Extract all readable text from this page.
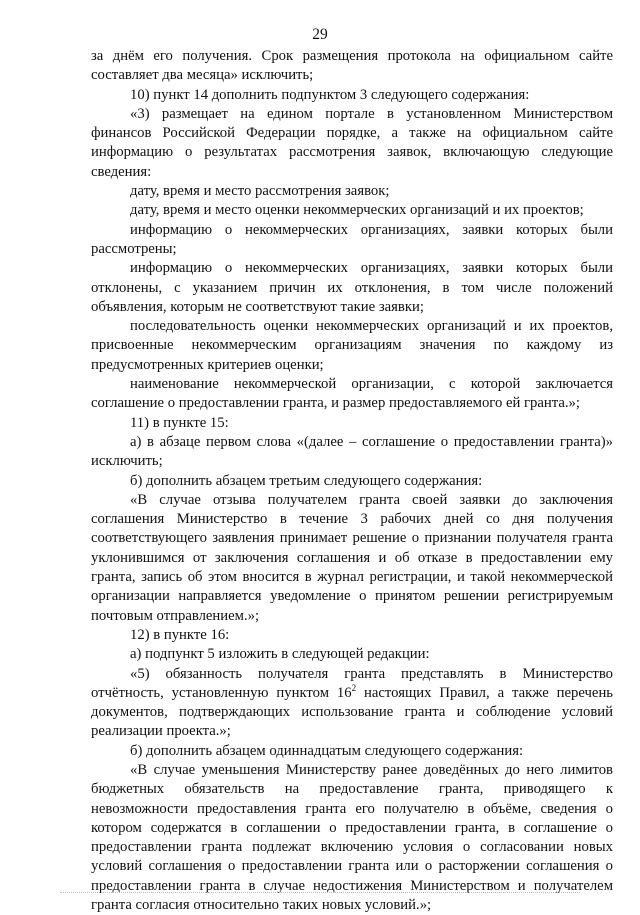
29

за днём его получения. Срок размещения протокола на официальном сайте составляет два месяца» исключить;

10) пункт 14 дополнить подпунктом 3 следующего содержания:

«3) размещает на едином портале в установленном Министерством финансов Российской Федерации порядке, а также на официальном сайте информацию о результатах рассмотрения заявок, включающую следующие сведения:

дату, время и место рассмотрения заявок;

дату, время и место оценки некоммерческих организаций и их проектов;

информацию о некоммерческих организациях, заявки которых были рассмотрены;

информацию о некоммерческих организациях, заявки которых были отклонены, с указанием причин их отклонения, в том числе положений объявления, которым не соответствуют такие заявки;

последовательность оценки некоммерческих организаций и их проектов, присвоенные некоммерческим организациям значения по каждому из предусмотренных критериев оценки;

наименование некоммерческой организации, с которой заключается соглашение о предоставлении гранта, и размер предоставляемого ей гранта.»;

11) в пункте 15:

а) в абзаце первом слова «(далее – соглашение о предоставлении гранта)» исключить;

б) дополнить абзацем третьим следующего содержания:

«В случае отзыва получателем гранта своей заявки до заключения соглашения Министерство в течение 3 рабочих дней со дня получения соответствующего заявления принимает решение о признании получателя гранта уклонившимся от заключения соглашения и об отказе в предоставлении ему гранта, запись об этом вносится в журнал регистрации, и такой некоммерческой организации направляется уведомление о принятом решении регистрируемым почтовым отправлением.»;

12) в пункте 16:

а) подпункт 5 изложить в следующей редакции:

«5) обязанность получателя гранта представлять в Министерство отчётность, установленную пунктом $16^2$ настоящих Правил, а также перечень документов, подтверждающих использование гранта и соблюдение условий реализации проекта.»;

б) дополнить абзацем одиннадцатым следующего содержания:

«В случае уменьшения Министерству ранее доведённых до него лимитов бюджетных обязательств на предоставление гранта, приводящего к невозможности предоставления гранта его получателю в объёме, сведения о котором содержатся в соглашении о предоставлении гранта, в соглашение о предоставлении гранта подлежат включению условия о согласовании новых условий соглашения о предоставлении гранта или о расторжении соглашения о предоставлении гранта в случае недостижения Министерством и получателем гранта согласия относительно таких новых условий.»;
